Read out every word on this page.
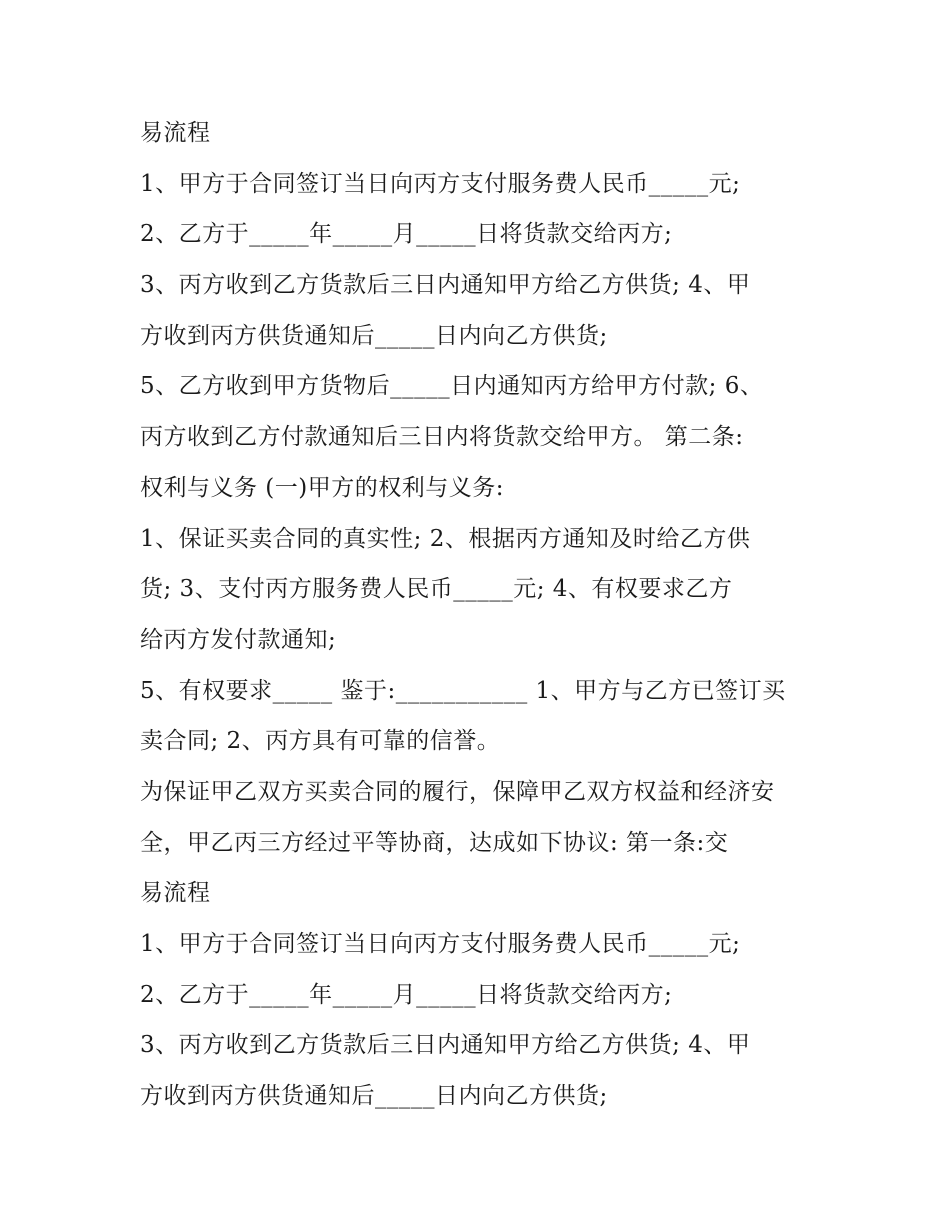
易流程
1、甲方于合同签订当日向丙方支付服务费人民币_____元;
2、乙方于_____年_____月_____日将货款交给丙方;
3、丙方收到乙方货款后三日内通知甲方给乙方供货; 4、甲
方收到丙方供货通知后_____日内向乙方供货;
5、乙方收到甲方货物后_____日内通知丙方给甲方付款; 6、
丙方收到乙方付款通知后三日内将货款交给甲方。 第二条:
权利与义务 (一)甲方的权利与义务:
1、保证买卖合同的真实性; 2、根据丙方通知及时给乙方供
货; 3、支付丙方服务费人民币_____元; 4、有权要求乙方
给丙方发付款通知;
5、有权要求_____ 鉴于:___________ 1、甲方与乙方已签订买
卖合同; 2、丙方具有可靠的信誉。
为保证甲乙双方买卖合同的履行，保障甲乙双方权益和经济安
全，甲乙丙三方经过平等协商，达成如下协议: 第一条:交
易流程
1、甲方于合同签订当日向丙方支付服务费人民币_____元;
2、乙方于_____年_____月_____日将货款交给丙方;
3、丙方收到乙方货款后三日内通知甲方给乙方供货; 4、甲
方收到丙方供货通知后_____日内向乙方供货;
